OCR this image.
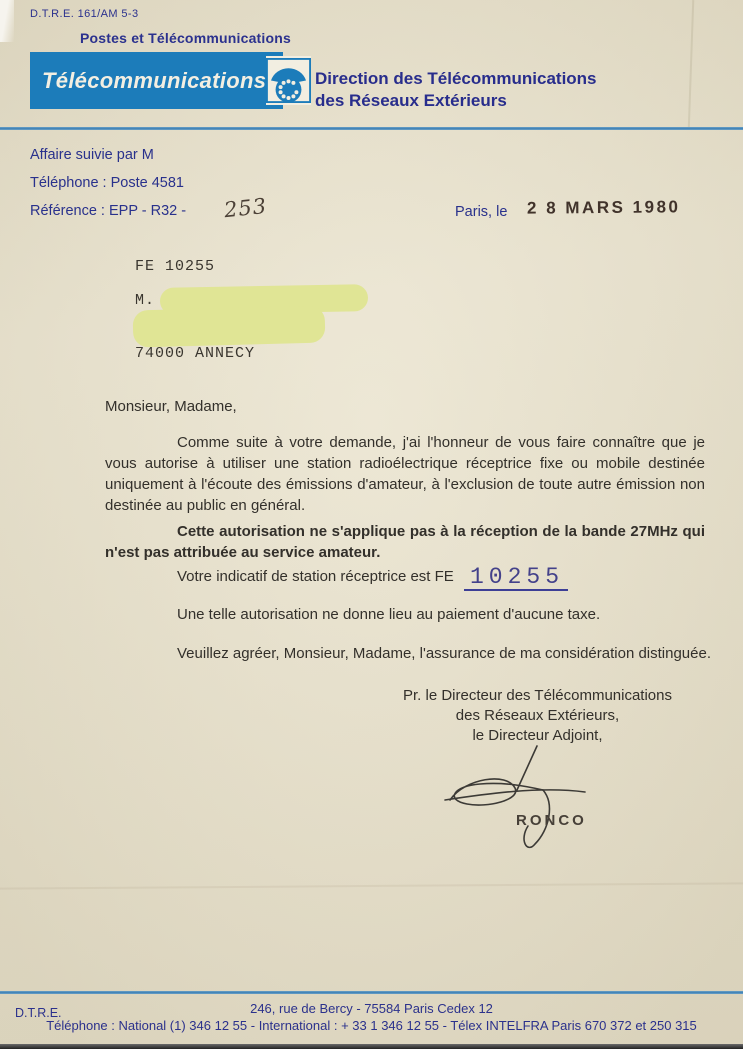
D.T.R.E. 161/AM 5-3
Postes et Télécommunications
Télécommunications	Direction des Télécommunications
des Réseaux Extérieurs
Affaire suivie par M
Téléphone : Poste 4581
Référence : EPP - R32 - 253	Paris, le 2 8 MARS 1980
FE 10255
M.
74000 ANNECY
Monsieur, Madame,
Comme suite à votre demande, j'ai l'honneur de vous faire connaître que je vous autorise à utiliser une station radioélectrique réceptrice fixe ou mobile destinée uniquement à l'écoute des émissions d'amateur, à l'exclusion de toute autre émission non destinée au public en général.
Cette autorisation ne s'applique pas à la réception de la bande 27MHz qui n'est pas attribuée au service amateur.
Votre indicatif de station réceptrice est FE 10255
Une telle autorisation ne donne lieu au paiement d'aucune taxe.
Veuillez agréer, Monsieur, Madame, l'assurance de ma considération distinguée.
Pr. le Directeur des Télécommunications
des Réseaux Extérieurs,
le Directeur Adjoint,
RONCO
D.T.R.E.	246, rue de Bercy - 75584 Paris Cedex 12
Téléphone : National (1) 346 12 55 - International : + 33 1 346 12 55 - Télex INTELFRA Paris 670 372 et 250 315
